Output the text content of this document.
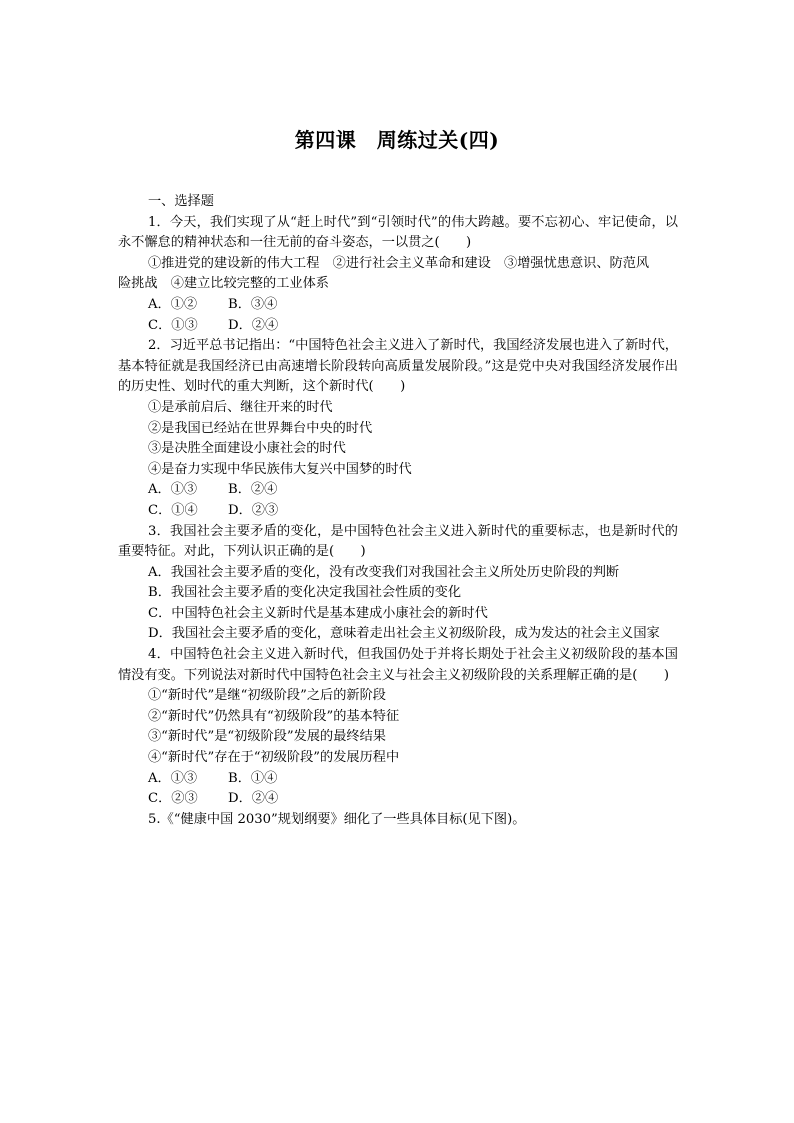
第四课　周练过关(四)

一、选择题

1．今天，我们实现了从“赶上时代”到“引领时代”的伟大跨越。要不忘初心、牢记使命，以永不懈怠的精神状态和一往无前的奋斗姿态，一以贯之(　　)

①推进党的建设新的伟大工程　②进行社会主义革命和建设　③增强忧患意识、防范风

险挑战　④建立比较完整的工业体系

A．①② B．③④

C．①③ D．②④

2．习近平总书记指出：“中国特色社会主义进入了新时代，我国经济发展也进入了新时代，基本特征就是我国经济已由高速增长阶段转向高质量发展阶段。”这是党中央对我国经济发展作出的历史性、划时代的重大判断，这个新时代(　　)

①是承前启后、继往开来的时代

②是我国已经站在世界舞台中央的时代

③是决胜全面建设小康社会的时代

④是奋力实现中华民族伟大复兴中国梦的时代

A．①③ B．②④

C．①④ D．②③

3．我国社会主要矛盾的变化，是中国特色社会主义进入新时代的重要标志，也是新时代的重要特征。对此，下列认识正确的是(　　)

A．我国社会主要矛盾的变化，没有改变我们对我国社会主义所处历史阶段的判断

B．我国社会主要矛盾的变化决定我国社会性质的变化

C．中国特色社会主义新时代是基本建成小康社会的新时代

D．我国社会主要矛盾的变化，意味着走出社会主义初级阶段，成为发达的社会主义国家

4．中国特色社会主义进入新时代，但我国仍处于并将长期处于社会主义初级阶段的基本国情没有变。下列说法对新时代中国特色社会主义与社会主义初级阶段的关系理解正确的是(　　)

①“新时代”是继“初级阶段”之后的新阶段

②“新时代”仍然具有“初级阶段”的基本特征

③“新时代”是“初级阶段”发展的最终结果

④“新时代”存在于“初级阶段”的发展历程中

A．①③ B．①④

C．②③ D．②④

5.《“健康中国 2030”规划纲要》细化了一些具体目标(见下图)。
